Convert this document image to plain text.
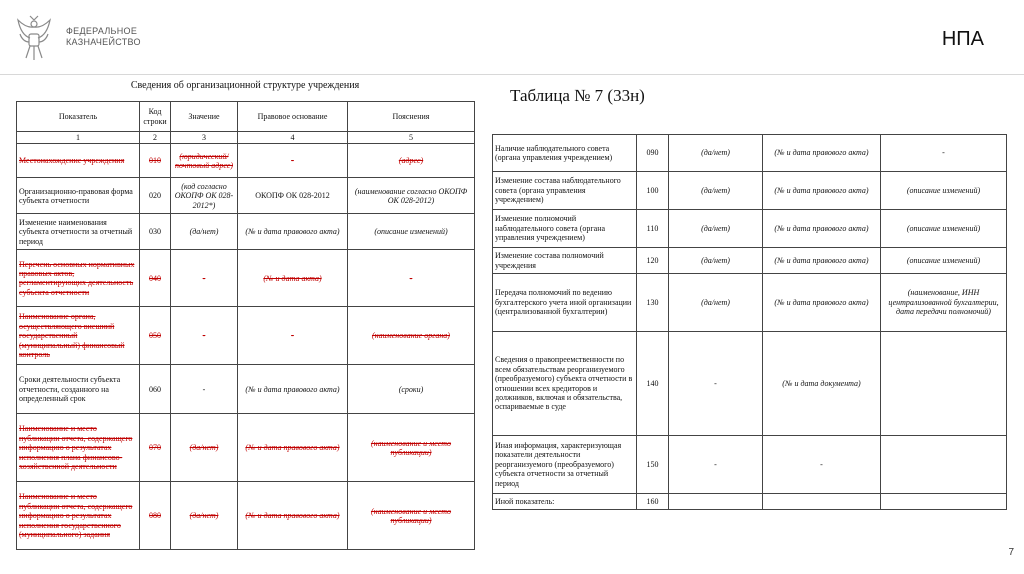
ФЕДЕРАЛЬНОЕ
КАЗНАЧЕЙСТВО	НПА
Сведения об организационной структуре учреждения
Таблица № 7 (33н)
Показатель	Код строки	Значение	Правовое основание	Пояснения
1	2	3	4	5
Местонахождение учреждения	010	(юридический/ почтовый адрес)	-	(адрес)
Организационно-правовая форма субъекта отчетности	020	(код согласно ОКОПФ ОК 028-2012*)	ОКОПФ ОК 028-2012	(наименование согласно ОКОПФ ОК 028-2012)
Изменение наименования субъекта отчетности за отчетный период	030	(да/нет)	(№ и дата правового акта)	(описание изменений)
Перечень основных нормативных правовых актов, регламентирующих деятельность субъекта отчетности	040	-	(№ и дата акта)	-
Наименование органа, осуществляющего внешний государственный (муниципальный) финансовый контроль	050	-	-	(наименование органа)
Сроки деятельности субъекта отчетности, созданного на определенный срок	060	-	(№ и дата правового акта)	(сроки)
Наименование и место публикации отчета, содержащего информацию о результатах исполнения плана финансово-хозяйственной деятельности	070	(да/нет)	(№ и дата правового акта)	(наименование и место публикации)
Наименование и место публикации отчета, содержащего информацию о результатах исполнения государственного (муниципального) задания	080	(да/нет)	(№ и дата правового акта)	(наименование и место публикации)
Наличие наблюдательного совета (органа управления учреждением)	090	(да/нет)	(№ и дата правового акта)	-
Изменение состава наблюдательного совета (органа управления учреждением)	100	(да/нет)	(№ и дата правового акта)	(описание изменений)
Изменение полномочий наблюдательного совета (органа управления учреждением)	110	(да/нет)	(№ и дата правового акта)	(описание изменений)
Изменение состава полномочий учреждения	120	(да/нет)	(№ и дата правового акта)	(описание изменений)
Передача полномочий по ведению бухгалтерского учета иной организации (централизованной бухгалтерии)	130	(да/нет)	(№ и дата правового акта)	(наименование, ИНН централизованной бухгалтерии, дата передачи полномочий)
Сведения о правопреемственности по всем обязательствам реорганизуемого (преобразуемого) субъекта отчетности в отношении всех кредиторов и должников, включая и обязательства, оспариваемые в суде	140	-	(№ и дата документа)	
Иная информация, характеризующая показатели деятельности реорганизуемого (преобразуемого) субъекта отчетности за отчетный период	150	-	-	
Иной показатель:	160			
7
